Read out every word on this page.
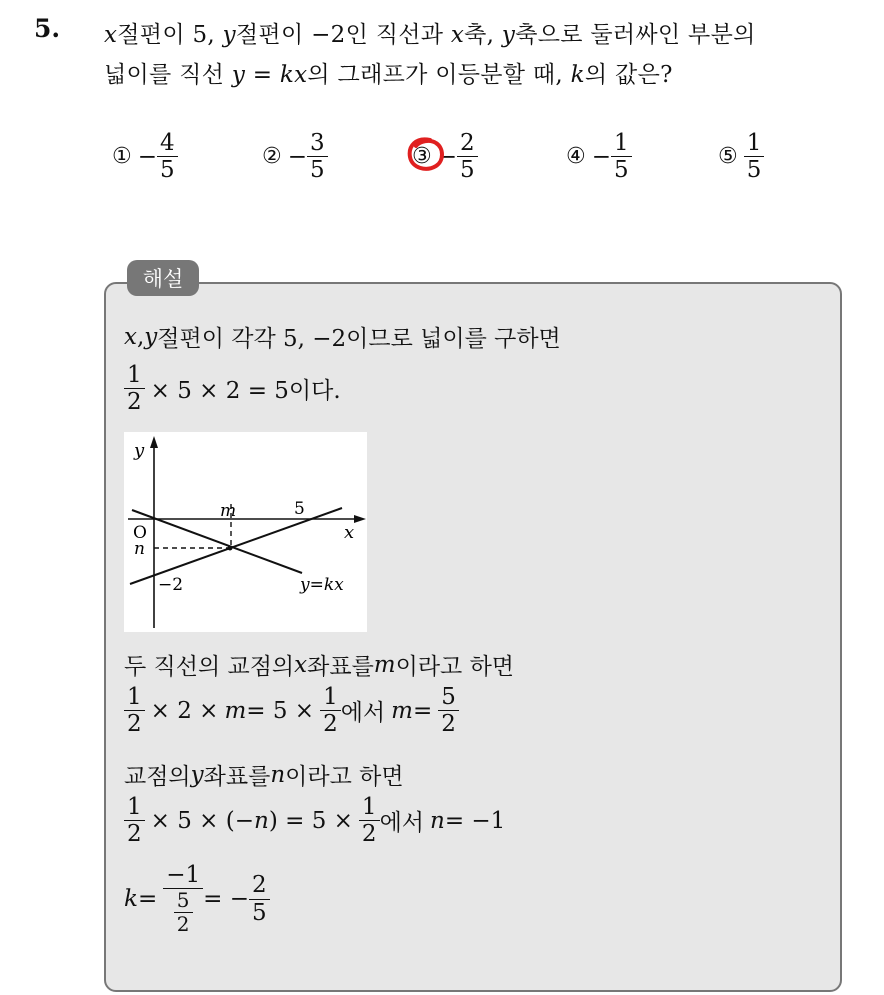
5. x절편이 5, y절편이 −2인 직선과 x축, y축으로 둘러싸인 부분의
넓이를 직선 y = kx의 그래프가 이등분할 때, k의 값은?
① − $\frac{4}{5}$	② − $\frac{3}{5}$	③ − $\frac{2}{5}$	④ − $\frac{1}{5}$	⑤ $\frac{1}{5}$
해설
x , y 절편이 각각 5, −2이므로 넓이를 구하면
$\frac{1}{2} \times 5 \times 2 = 5$이다.
y
x
O
m	5
n
−2	y=kx
두 직선의 교점의 x 좌표를 m 이라고 하면
$\frac{1}{2} \times 2 \times m = 5 \times \frac{1}{2}$ 에서 $m = \frac{5}{2}$
교점의 y 좌표를 n 이라고 하면
$\frac{1}{2} \times 5$ × (− n ) = $5 \times \frac{1}{2}$ 에서 n = −1
$k = \frac{-1}{\frac{5}{2}}$ = − $\frac{2}{5}$
